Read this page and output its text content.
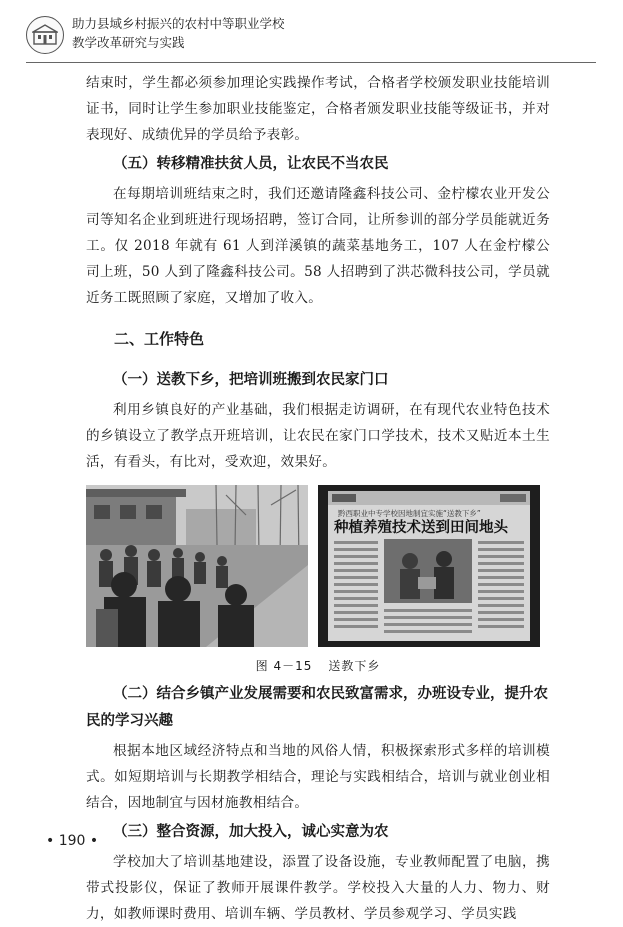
助力县域乡村振兴的农村中等职业学校
教学改革研究与实践

结束时，学生都必须参加理论实践操作考试，合格者学校颁发职业技能培训证书，同时让学生参加职业技能鉴定，合格者颁发职业技能等级证书，并对表现好、成绩优异的学员给予表彰。

（五）转移精准扶贫人员，让农民不当农民

在每期培训班结束之时，我们还邀请隆鑫科技公司、金柠檬农业开发公司等知名企业到班进行现场招聘，签订合同，让所参训的部分学员能就近务工。仅 2018 年就有 61 人到洋溪镇的蔬菜基地务工，107 人在金柠檬公司上班，50 人到了隆鑫科技公司。58 人招聘到了洪芯微科技公司，学员就近务工既照顾了家庭，又增加了收入。

二、工作特色
（一）送教下乡，把培训班搬到农民家门口

利用乡镇良好的产业基础，我们根据走访调研，在有现代农业特色技术的乡镇设立了教学点开班培训，让农民在家门口学技术，技术又贴近本土生活，有看头，有比对，受欢迎，效果好。

黔西职业中专学校因地制宜实施“送教下乡”
种植养殖技术送到田间地头
图 4－15 送教下乡
（二）结合乡镇产业发展需要和农民致富需求，办班设专业，提升农民的学习兴趣

根据本地区域经济特点和当地的风俗人情，积极探索形式多样的培训模式。如短期培训与长期教学相结合，理论与实践相结合，培训与就业创业相结合，因地制宜与因材施教相结合。

（三）整合资源，加大投入，诚心实意为农

学校加大了培训基地建设，添置了设备设施，专业教师配置了电脑，携带式投影仪，保证了教师开展课件教学。学校投入大量的人力、物力、财力，如教师课时费用、培训车辆、学员教材、学员参观学习、学员实践

• 190 •
